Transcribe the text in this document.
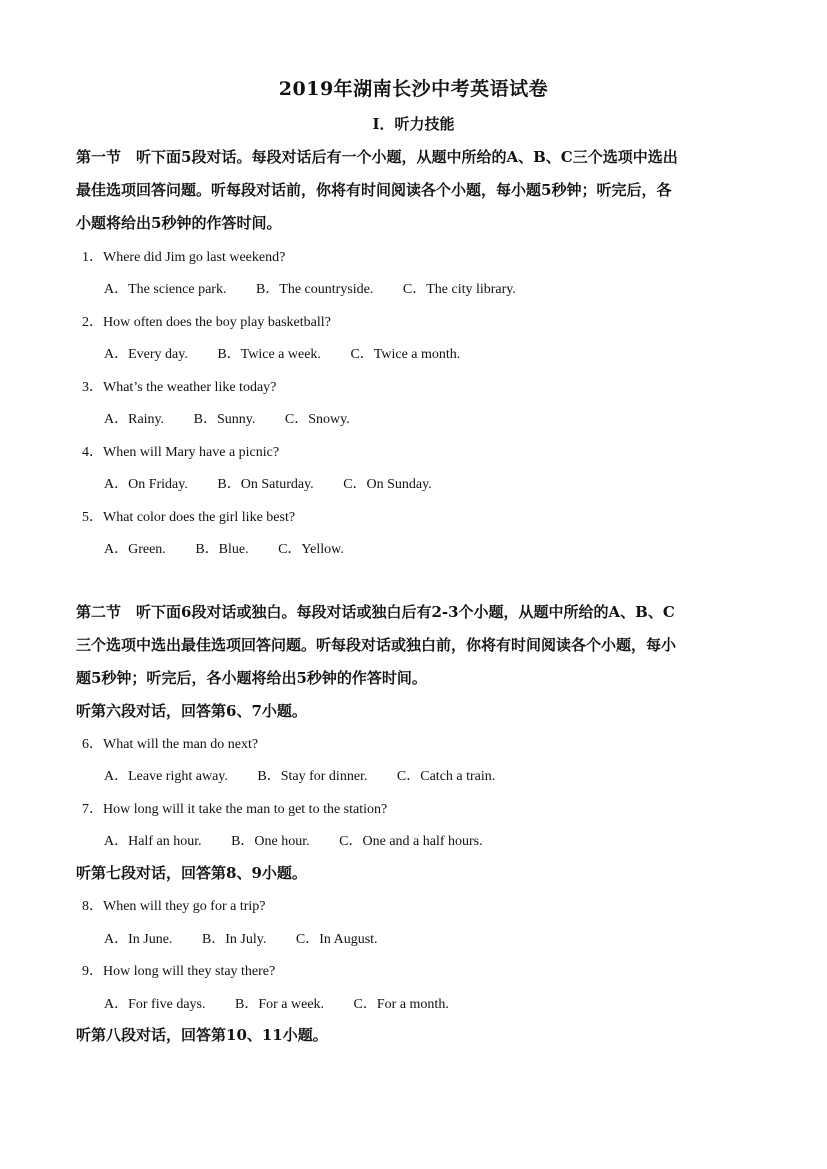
2019年湖南长沙中考英语试卷
I．听力技能
第一节　听下面5段对话。每段对话后有一个小题，从题中所给的A、B、C三个选项中选出
最佳选项回答问题。听每段对话前，你将有时间阅读各个小题，每小题5秒钟；听完后，各
小题将给出5秒钟的作答时间。
1．Where did Jim go last weekend?
A．The science park. B．The countryside. C．The city library.
2．How often does the boy play basketball?
A．Every day. B．Twice a week. C．Twice a month.
3．What’s the weather like today?
A．Rainy. B．Sunny. C．Snowy.
4．When will Mary have a picnic?
A．On Friday. B．On Saturday. C．On Sunday.
5．What color does the girl like best?
A．Green. B．Blue. C．Yellow.
第二节　听下面6段对话或独白。每段对话或独白后有2-3个小题，从题中所给的A、B、C
三个选项中选出最佳选项回答问题。听每段对话或独白前，你将有时间阅读各个小题，每小
题5秒钟；听完后，各小题将给出5秒钟的作答时间。
听第六段对话，回答第6、7小题。
6．What will the man do next?
A．Leave right away. B．Stay for dinner. C．Catch a train.
7．How long will it take the man to get to the station?
A．Half an hour. B．One hour. C．One and a half hours.
听第七段对话，回答第8、9小题。
8．When will they go for a trip?
A．In June. B．In July. C．In August.
9．How long will they stay there?
A．For five days. B．For a week. C．For a month.
听第八段对话，回答第10、11小题。
